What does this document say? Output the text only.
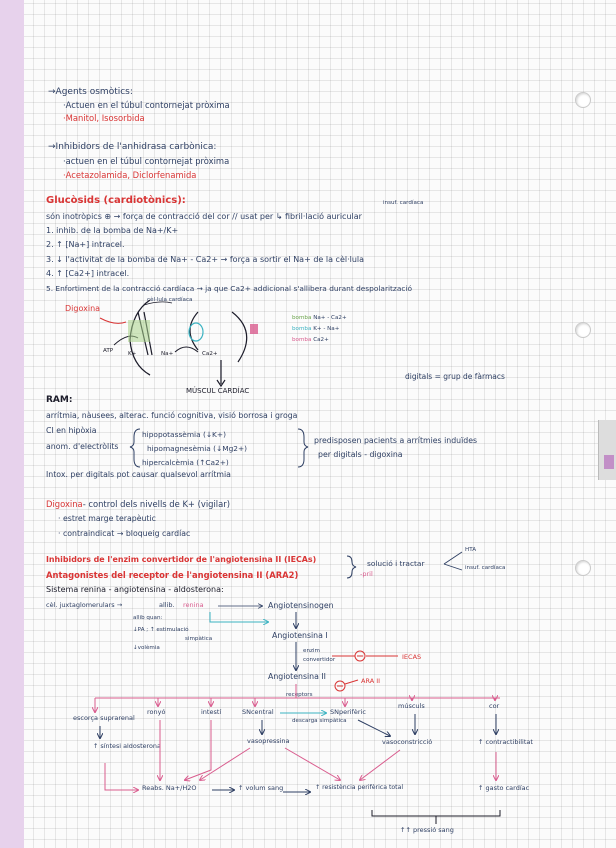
→Agents osmòtics:
·Actuen en el túbul contornejat pròxima
·Manitol, Isosorbida
→Inhibidors de l'anhidrasa carbònica:
·actuen en el túbul contornejat pròxima
·Acetazolamida, Diclorfenamida
Glucòsids (cardiotònics):	insuf. cardíaca
són inotròpics ⊕ → força de contracció del cor // usat per ↳ fibril·lació auricular
1. inhib. de la bomba de Na+/K+
2. ↑ [Na+] intracel.
3. ↓ l'activitat de la bomba de Na+ - Ca2+ → força a sortir el Na+ de la cèl·lula
4. ↑ [Ca2+] intracel.
5. Enfortiment de la contracció cardíaca → ja que Ca2+ addicional s'allibera durant despolarització
Digoxina
cèl·lula cardíaca
ATP	K+	Na+	Ca2+
MÚSCUL CARDÍAC
bomba Na+ - Ca2+
bomba K+ - Na+
bomba Ca2+
digitals = grup de fàrmacs
RAM:
arrítmia, nàusees, alterac. funció cognitiva, visió borrosa i groga
CI en hipòxia
anom. d'electròlits
hipopotassèmia (↓K+)
hipomagnesèmia (↓Mg2+)
hipercalcèmia (↑Ca2+)
predisposen pacients a arrítmies induïdes
per digitals - digoxina
Intox. per digitals pot causar qualsevol arrítmia
Digoxina- control dels nivells de K+ (vigilar)
· estret marge terapèutic
· contraindicat → bloqueig cardíac
Inhibidors de l'enzim convertidor de l'angiotensina II (IECAs)
Antagonistes del receptor de l'angiotensina II (ARA2)
solució i tractar
HTA
insuf. cardíaca
-pril
Sistema renina - angiotensina - aldosterona:
cèl. juxtaglomerulars →	allib. renina
allib quan:
↓PA ; ↑ estimulació
simpàtica
↓volèmia
Angiotensinogen
Angiotensina I
enzim
convertidor	IECAS
Angiotensina II
receptors
ARA II
escorça suprarenal
ronyó	intestí	SNcentral	SNperifèric
músculs	cor
descarga simpàtica
↑ síntesi aldosterona
vasopressina	vasoconstricció	↑ contractibilitat
Reabs. Na+/H2O	↑ volum sang	↑ resistència perifèrica total	↑ gasto cardíac
↑↑ pressió sang
